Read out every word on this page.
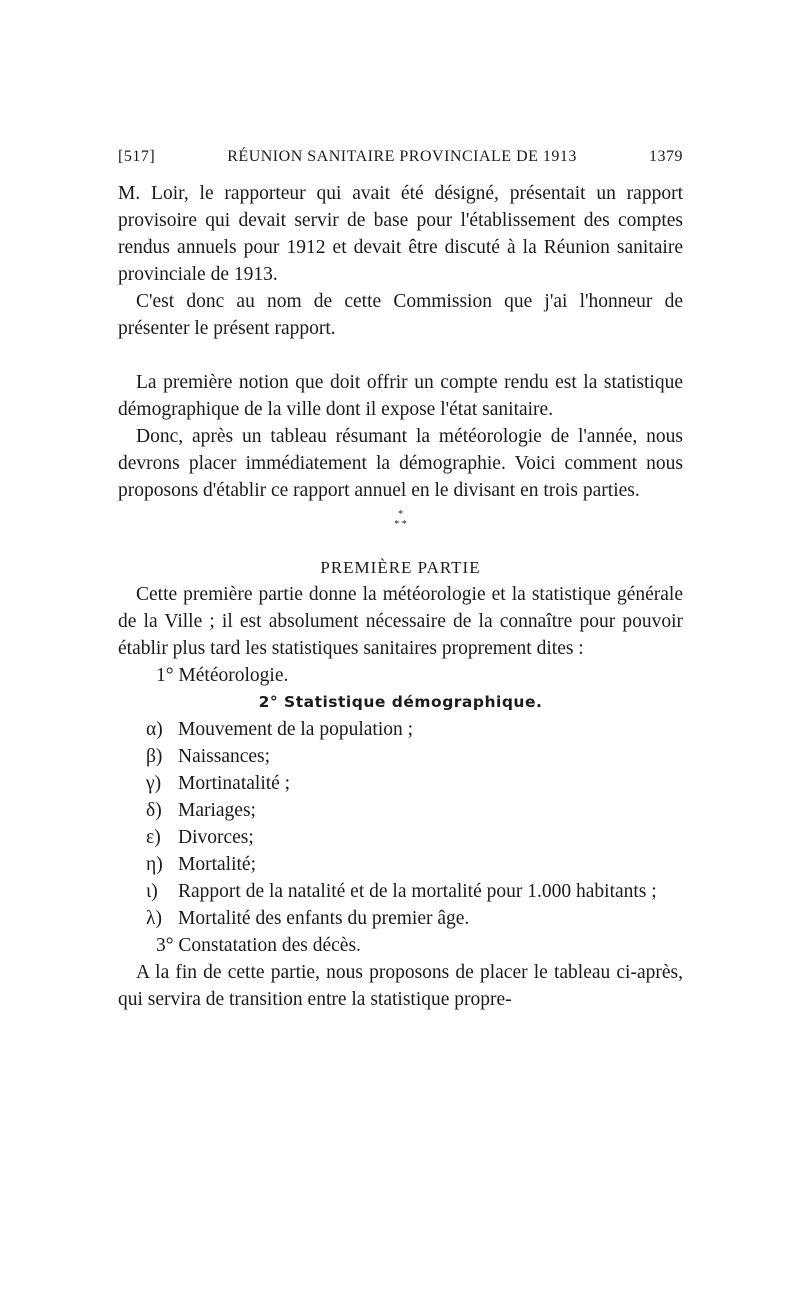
[517]	RÉUNION SANITAIRE PROVINCIALE DE 1913	1379

M. Loir, le rapporteur qui avait été désigné, présentait un rapport provisoire qui devait servir de base pour l'établissement des comptes rendus annuels pour 1912 et devait être discuté à la Réunion sanitaire provinciale de 1913.

C'est donc au nom de cette Commission que j'ai l'honneur de présenter le présent rapport.

La première notion que doit offrir un compte rendu est la statistique démographique de la ville dont il expose l'état sanitaire.

Donc, après un tableau résumant la météorologie de l'année, nous devrons placer immédiatement la démographie. Voici comment nous proposons d'établir ce rapport annuel en le divisant en trois parties.

*
* *

PREMIÈRE PARTIE

Cette première partie donne la météorologie et la statistique générale de la Ville ; il est absolument nécessaire de la connaître pour pouvoir établir plus tard les statistiques sanitaires proprement dites :

1° Météorologie.

2° Statistique démographique.

α) Mouvement de la population ;
β) Naissances;
γ) Mortinatalité ;
δ) Mariages;
ε) Divorces;
η) Mortalité;
ι)	Rapport de la natalité et de la mortalité pour 1.000 habitants ;
λ) Mortalité des enfants du premier âge.

3° Constatation des décès.

A la fin de cette partie, nous proposons de placer le tableau ci-après, qui servira de transition entre la statistique propre-
